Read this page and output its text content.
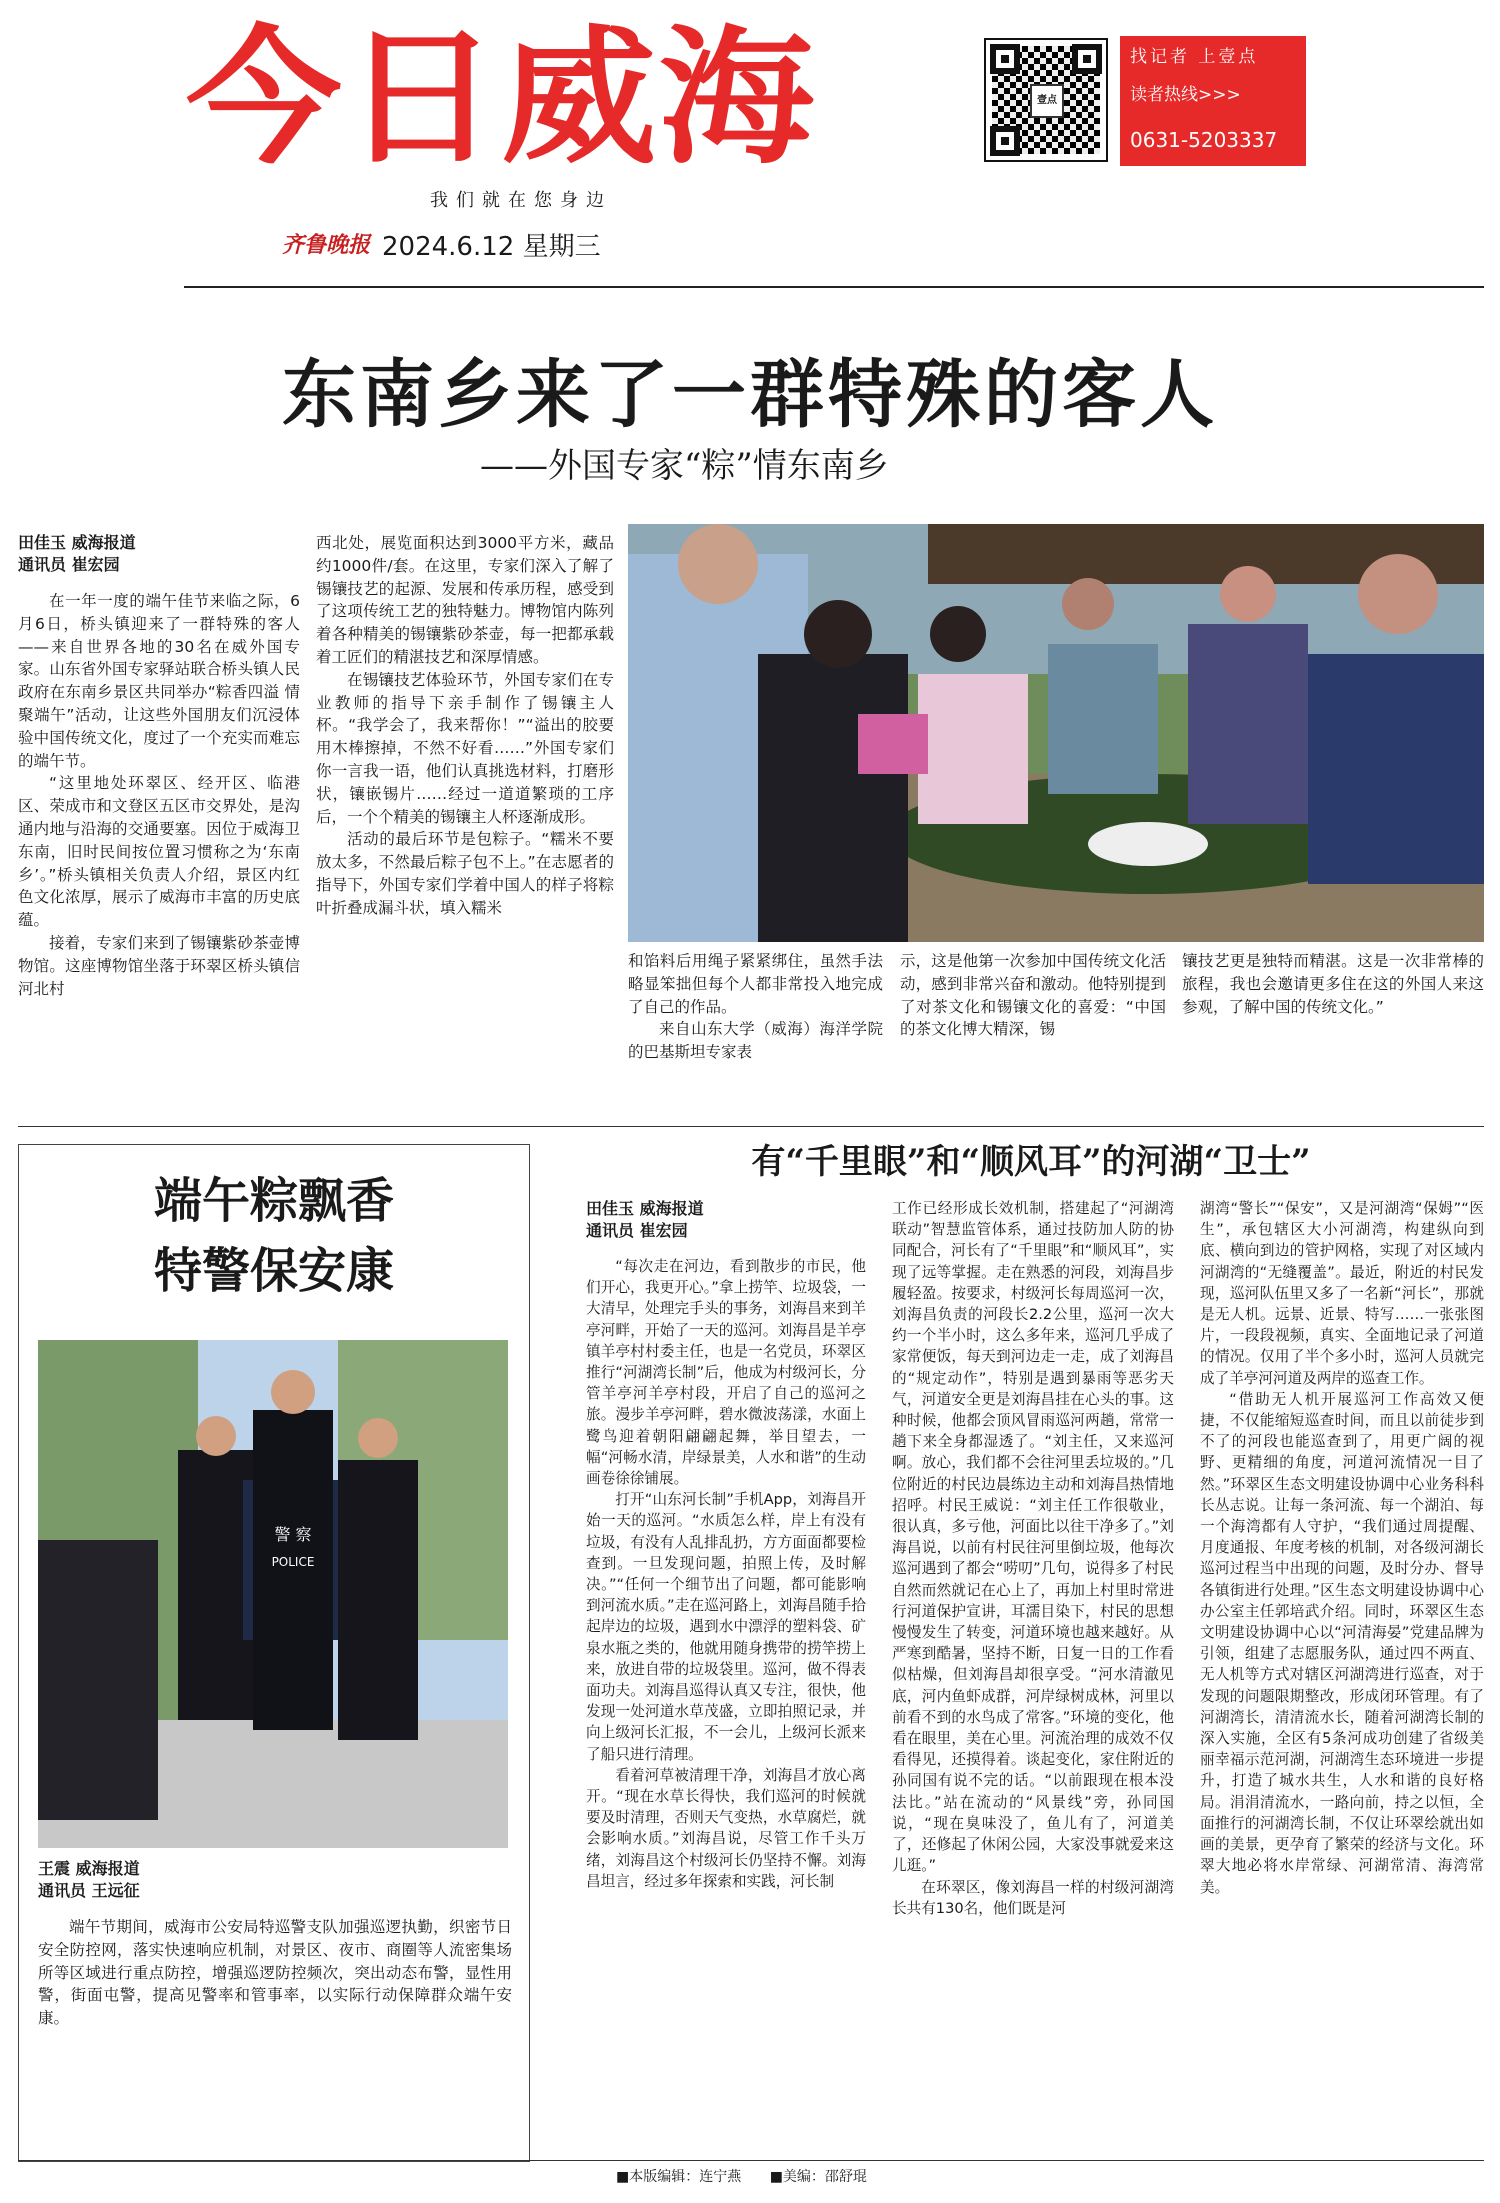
今日威海
我们就在您身边
齐鲁晚报 2024.6.12 星期三
壹点
找记者 上壹点
读者热线>>>
0631-5203337
东南乡来了一群特殊的客人
——外国专家“粽”情东南乡
田佳玉 威海报道
通讯员 崔宏园

在一年一度的端午佳节来临之际，6月6日，桥头镇迎来了一群特殊的客人——来自世界各地的30名在威外国专家。山东省外国专家驿站联合桥头镇人民政府在东南乡景区共同举办“粽香四溢 情聚端午”活动，让这些外国朋友们沉浸体验中国传统文化，度过了一个充实而难忘的端午节。

“这里地处环翠区、经开区、临港区、荣成市和文登区五区市交界处，是沟通内地与沿海的交通要塞。因位于威海卫东南，旧时民间按位置习惯称之为‘东南乡’。”桥头镇相关负责人介绍，景区内红色文化浓厚，展示了威海市丰富的历史底蕴。

接着，专家们来到了锡镶紫砂茶壶博物馆。这座博物馆坐落于环翠区桥头镇信河北村

西北处，展览面积达到3000平方米，藏品约1000件/套。在这里，专家们深入了解了锡镶技艺的起源、发展和传承历程，感受到了这项传统工艺的独特魅力。博物馆内陈列着各种精美的锡镶紫砂茶壶，每一把都承载着工匠们的精湛技艺和深厚情感。

在锡镶技艺体验环节，外国专家们在专业教师的指导下亲手制作了锡镶主人杯。“我学会了，我来帮你！”“溢出的胶要用木棒擦掉，不然不好看……”外国专家们你一言我一语，他们认真挑选材料，打磨形状，镶嵌锡片……经过一道道繁琐的工序后，一个个精美的锡镶主人杯逐渐成形。

活动的最后环节是包粽子。“糯米不要放太多，不然最后粽子包不上。”在志愿者的指导下，外国专家们学着中国人的样子将粽叶折叠成漏斗状，填入糯米

和馅料后用绳子紧紧绑住，虽然手法略显笨拙但每个人都非常投入地完成了自己的作品。

来自山东大学（威海）海洋学院的巴基斯坦专家表

示，这是他第一次参加中国传统文化活动，感到非常兴奋和激动。他特别提到了对茶文化和锡镶文化的喜爱：“中国的茶文化博大精深，锡

镶技艺更是独特而精湛。这是一次非常棒的旅程，我也会邀请更多住在这的外国人来这参观，了解中国的传统文化。”

端午粽飘香
特警保安康
警 察
POLICE
王震 威海报道
通讯员 王远征

端午节期间，威海市公安局特巡警支队加强巡逻执勤，织密节日安全防控网，落实快速响应机制，对景区、夜市、商圈等人流密集场所等区域进行重点防控，增强巡逻防控频次，突出动态布警，显性用警，街面屯警，提高见警率和管事率，以实际行动保障群众端午安康。

有“千里眼”和“顺风耳”的河湖“卫士”
田佳玉 威海报道
通讯员 崔宏园

“每次走在河边，看到散步的市民，他们开心，我更开心。”拿上捞竿、垃圾袋，一大清早，处理完手头的事务，刘海昌来到羊亭河畔，开始了一天的巡河。刘海昌是羊亭镇羊亭村村委主任，也是一名党员，环翠区推行“河湖湾长制”后，他成为村级河长，分管羊亭河羊亭村段，开启了自己的巡河之旅。漫步羊亭河畔，碧水微波荡漾，水面上鹭鸟迎着朝阳翩翩起舞，举目望去，一幅“河畅水清，岸绿景美，人水和谐”的生动画卷徐徐铺展。

打开“山东河长制”手机App，刘海昌开始一天的巡河。“水质怎么样，岸上有没有垃圾，有没有人乱排乱扔，方方面面都要检查到。一旦发现问题，拍照上传，及时解决。”“任何一个细节出了问题，都可能影响到河流水质。”走在巡河路上，刘海昌随手拾起岸边的垃圾，遇到水中漂浮的塑料袋、矿泉水瓶之类的，他就用随身携带的捞竿捞上来，放进自带的垃圾袋里。巡河，做不得表面功夫。刘海昌巡得认真又专注，很快，他发现一处河道水草茂盛，立即拍照记录，并向上级河长汇报，不一会儿，上级河长派来了船只进行清理。

看着河草被清理干净，刘海昌才放心离开。“现在水草长得快，我们巡河的时候就要及时清理，否则天气变热，水草腐烂，就会影响水质。”刘海昌说，尽管工作千头万绪，刘海昌这个村级河长仍坚持不懈。刘海昌坦言，经过多年探索和实践，河长制

工作已经形成长效机制，搭建起了“河湖湾联动”智慧监管体系，通过技防加人防的协同配合，河长有了“千里眼”和“顺风耳”，实现了远等掌握。走在熟悉的河段，刘海昌步履轻盈。按要求，村级河长每周巡河一次，刘海昌负责的河段长2.2公里，巡河一次大约一个半小时，这么多年来，巡河几乎成了家常便饭，每天到河边走一走，成了刘海昌的“规定动作”，特别是遇到暴雨等恶劣天气，河道安全更是刘海昌挂在心头的事。这种时候，他都会顶风冒雨巡河两趟，常常一趟下来全身都湿透了。“刘主任，又来巡河啊。放心，我们都不会往河里丢垃圾的。”几位附近的村民边晨练边主动和刘海昌热情地招呼。村民王威说：“刘主任工作很敬业，很认真，多亏他，河面比以往干净多了。”刘海昌说，以前有村民往河里倒垃圾，他每次巡河遇到了都会“唠叨”几句，说得多了村民自然而然就记在心上了，再加上村里时常进行河道保护宣讲，耳濡目染下，村民的思想慢慢发生了转变，河道环境也越来越好。从严寒到酷暑，坚持不断，日复一日的工作看似枯燥，但刘海昌却很享受。“河水清澈见底，河内鱼虾成群，河岸绿树成林，河里以前看不到的水鸟成了常客。”环境的变化，他看在眼里，美在心里。河流治理的成效不仅看得见，还摸得着。谈起变化，家住附近的孙同国有说不完的话。“以前跟现在根本没法比。”站在流动的“风景线”旁，孙同国说，“现在臭味没了，鱼儿有了，河道美了，还修起了休闲公园，大家没事就爱来这儿逛。”

在环翠区，像刘海昌一样的村级河湖湾长共有130名，他们既是河

湖湾“警长”“保安”，又是河湖湾“保姆”“医生”，承包辖区大小河湖湾，构建纵向到底、横向到边的管护网格，实现了对区域内河湖湾的“无缝覆盖”。最近，附近的村民发现，巡河队伍里又多了一名新“河长”，那就是无人机。远景、近景、特写……一张张图片，一段段视频，真实、全面地记录了河道的情况。仅用了半个多小时，巡河人员就完成了羊亭河河道及两岸的巡查工作。

“借助无人机开展巡河工作高效又便捷，不仅能缩短巡查时间，而且以前徒步到不了的河段也能巡查到了，用更广阔的视野、更精细的角度，河道河流情况一目了然。”环翠区生态文明建设协调中心业务科科长丛志说。让每一条河流、每一个湖泊、每一个海湾都有人守护，“我们通过周提醒、月度通报、年度考核的机制，对各级河湖长巡河过程当中出现的问题，及时分办、督导各镇街进行处理。”区生态文明建设协调中心办公室主任郭培武介绍。同时，环翠区生态文明建设协调中心以“河清海晏”党建品牌为引领，组建了志愿服务队，通过四不两直、无人机等方式对辖区河湖湾进行巡查，对于发现的问题限期整改，形成闭环管理。有了河湖湾长，清清流水长，随着河湖湾长制的深入实施，全区有5条河成功创建了省级美丽幸福示范河湖，河湖湾生态环境进一步提升，打造了城水共生，人水和谐的良好格局。涓涓清流水，一路向前，持之以恒，全面推行的河湖湾长制，不仅让环翠绘就出如画的美景，更孕育了繁荣的经济与文化。环翠大地必将水岸常绿、河湖常清、海湾常美。

■本版编辑：连宁燕 ■美编：邵舒琨
